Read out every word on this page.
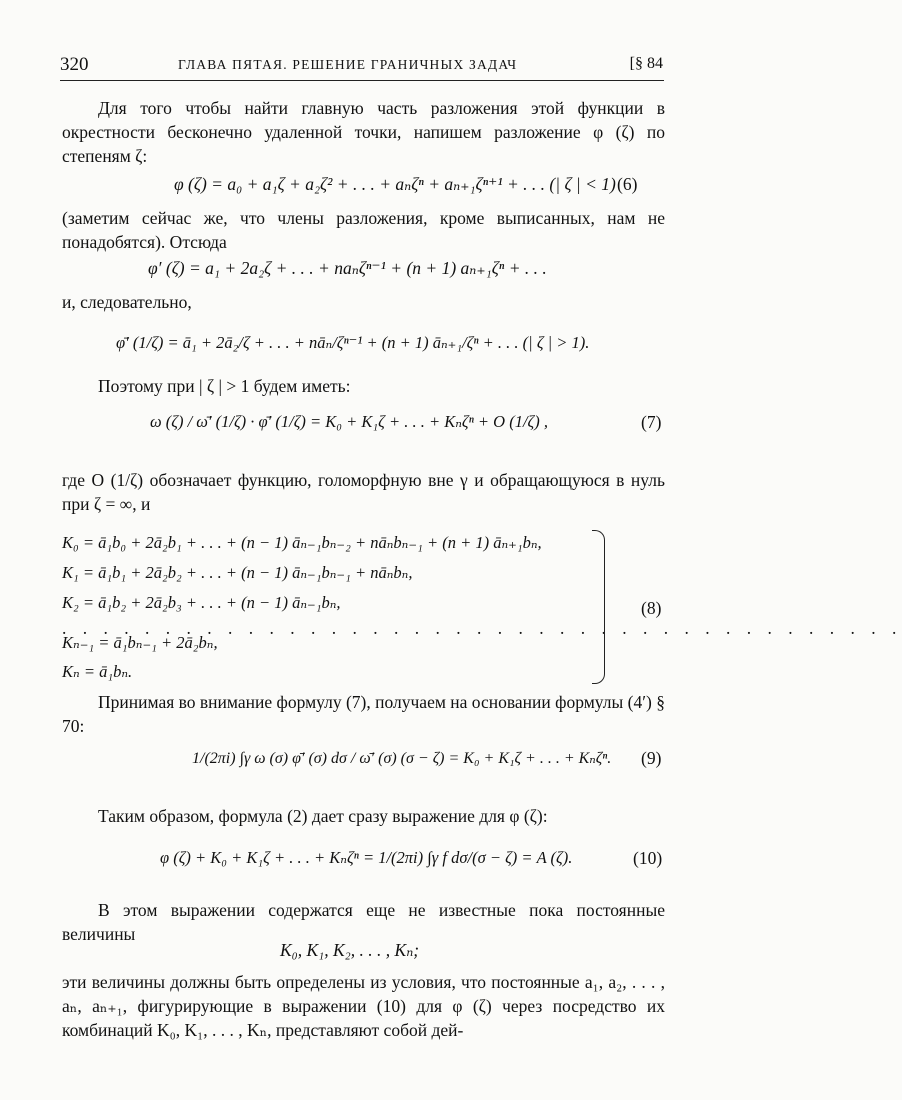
320	ГЛАВА ПЯТАЯ. РЕШЕНИЕ ГРАНИЧНЫХ ЗАДАЧ	[§ 84

Для того чтобы найти главную часть разложения этой функции в окрестности бесконечно удаленной точки, напишем разложение φ (ζ) по степеням ζ:

φ (ζ) = a₀ + a₁ζ + a₂ζ² + . . . + aₙζⁿ + aₙ₊₁ζⁿ⁺¹ + . . . (| ζ | < 1) (6)

(заметим сейчас же, что члены разложения, кроме выписанных, нам не понадобятся). Отсюда

φ′ (ζ) = a₁ + 2a₂ζ + . . . + naₙζⁿ⁻¹ + (n + 1) aₙ₊₁ζⁿ + . . .

и, следовательно,

φ̄′ (1/ζ) = ā₁ + 2ā₂/ζ + . . . + nāₙ/ζⁿ⁻¹ + (n + 1) āₙ₊₁/ζⁿ + . . . (| ζ | > 1).

Поэтому при | ζ | > 1 будем иметь:

ω (ζ) / ω̄′ (1/ζ) · φ̄′ (1/ζ) = K₀ + K₁ζ + . . . + Kₙζⁿ + O (1/ζ) ,	(7)

где O (1/ζ) обозначает функцию, голоморфную вне γ и обращающуюся в нуль при ζ = ∞, и

K₀ = ā₁b₀ + 2ā₂b₁ + . . . + (n − 1) āₙ₋₁bₙ₋₂ + nāₙbₙ₋₁ + (n + 1) āₙ₊₁bₙ,
K₁ = ā₁b₁ + 2ā₂b₂ + . . . + (n − 1) āₙ₋₁bₙ₋₁ + nāₙbₙ,
K₂ = ā₁b₂ + 2ā₂b₃ + . . . + (n − 1) āₙ₋₁bₙ,
. . . . . . . . . . . . . . . . . . . . . . . . . . . . . . . . . . . . . . . . .
Kₙ₋₁ = ā₁bₙ₋₁ + 2ā₂bₙ,
Kₙ = ā₁bₙ.
(8)

Принимая во внимание формулу (7), получаем на основании формулы (4′) § 70:

1/(2πi) ∫γ ω (σ) φ̄′ (σ) dσ / ω̄′ (σ) (σ − ζ) = K₀ + K₁ζ + . . . + Kₙζⁿ. (9)

Таким образом, формула (2) дает сразу выражение для φ (ζ):

φ (ζ) + K₀ + K₁ζ + . . . + Kₙζⁿ = 1/(2πi) ∫γ f dσ/(σ − ζ) = A (ζ).	(10)

В этом выражении содержатся еще не известные пока постоянные величины

K₀, K₁, K₂, . . . , Kₙ;

эти величины должны быть определены из условия, что постоянные a₁, a₂, . . . , aₙ, aₙ₊₁, фигурирующие в выражении (10) для φ (ζ) через посредство их комбинаций K₀, K₁, . . . , Kₙ, представляют собой дей-
